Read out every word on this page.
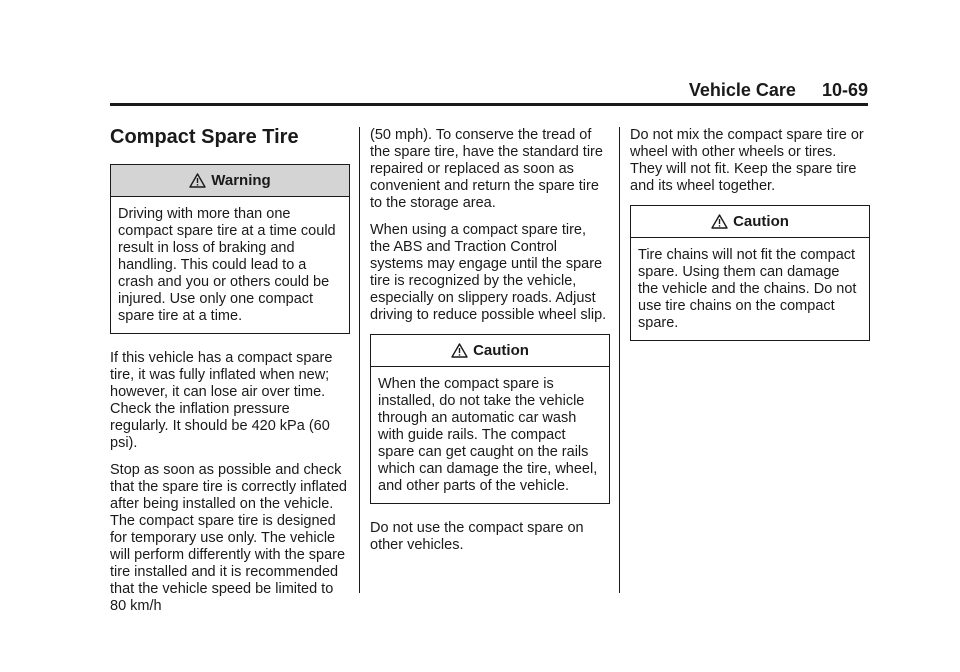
Vehicle Care 10-69
Compact Spare Tire
Warning

Driving with more than one compact spare tire at a time could result in loss of braking and handling. This could lead to a crash and you or others could be injured. Use only one compact spare tire at a time.

If this vehicle has a compact spare tire, it was fully inflated when new; however, it can lose air over time. Check the inflation pressure regularly. It should be 420 kPa (60 psi).

Stop as soon as possible and check that the spare tire is correctly inflated after being installed on the vehicle. The compact spare tire is designed for temporary use only. The vehicle will perform differently with the spare tire installed and it is recommended that the vehicle speed be limited to 80 km/h

(50 mph). To conserve the tread of the spare tire, have the standard tire repaired or replaced as soon as convenient and return the spare tire to the storage area.

When using a compact spare tire, the ABS and Traction Control systems may engage until the spare tire is recognized by the vehicle, especially on slippery roads. Adjust driving to reduce possible wheel slip.

Caution

When the compact spare is installed, do not take the vehicle through an automatic car wash with guide rails. The compact spare can get caught on the rails which can damage the tire, wheel, and other parts of the vehicle.

Do not use the compact spare on other vehicles.

Do not mix the compact spare tire or wheel with other wheels or tires. They will not fit. Keep the spare tire and its wheel together.

Caution

Tire chains will not fit the compact spare. Using them can damage the vehicle and the chains. Do not use tire chains on the compact spare.
